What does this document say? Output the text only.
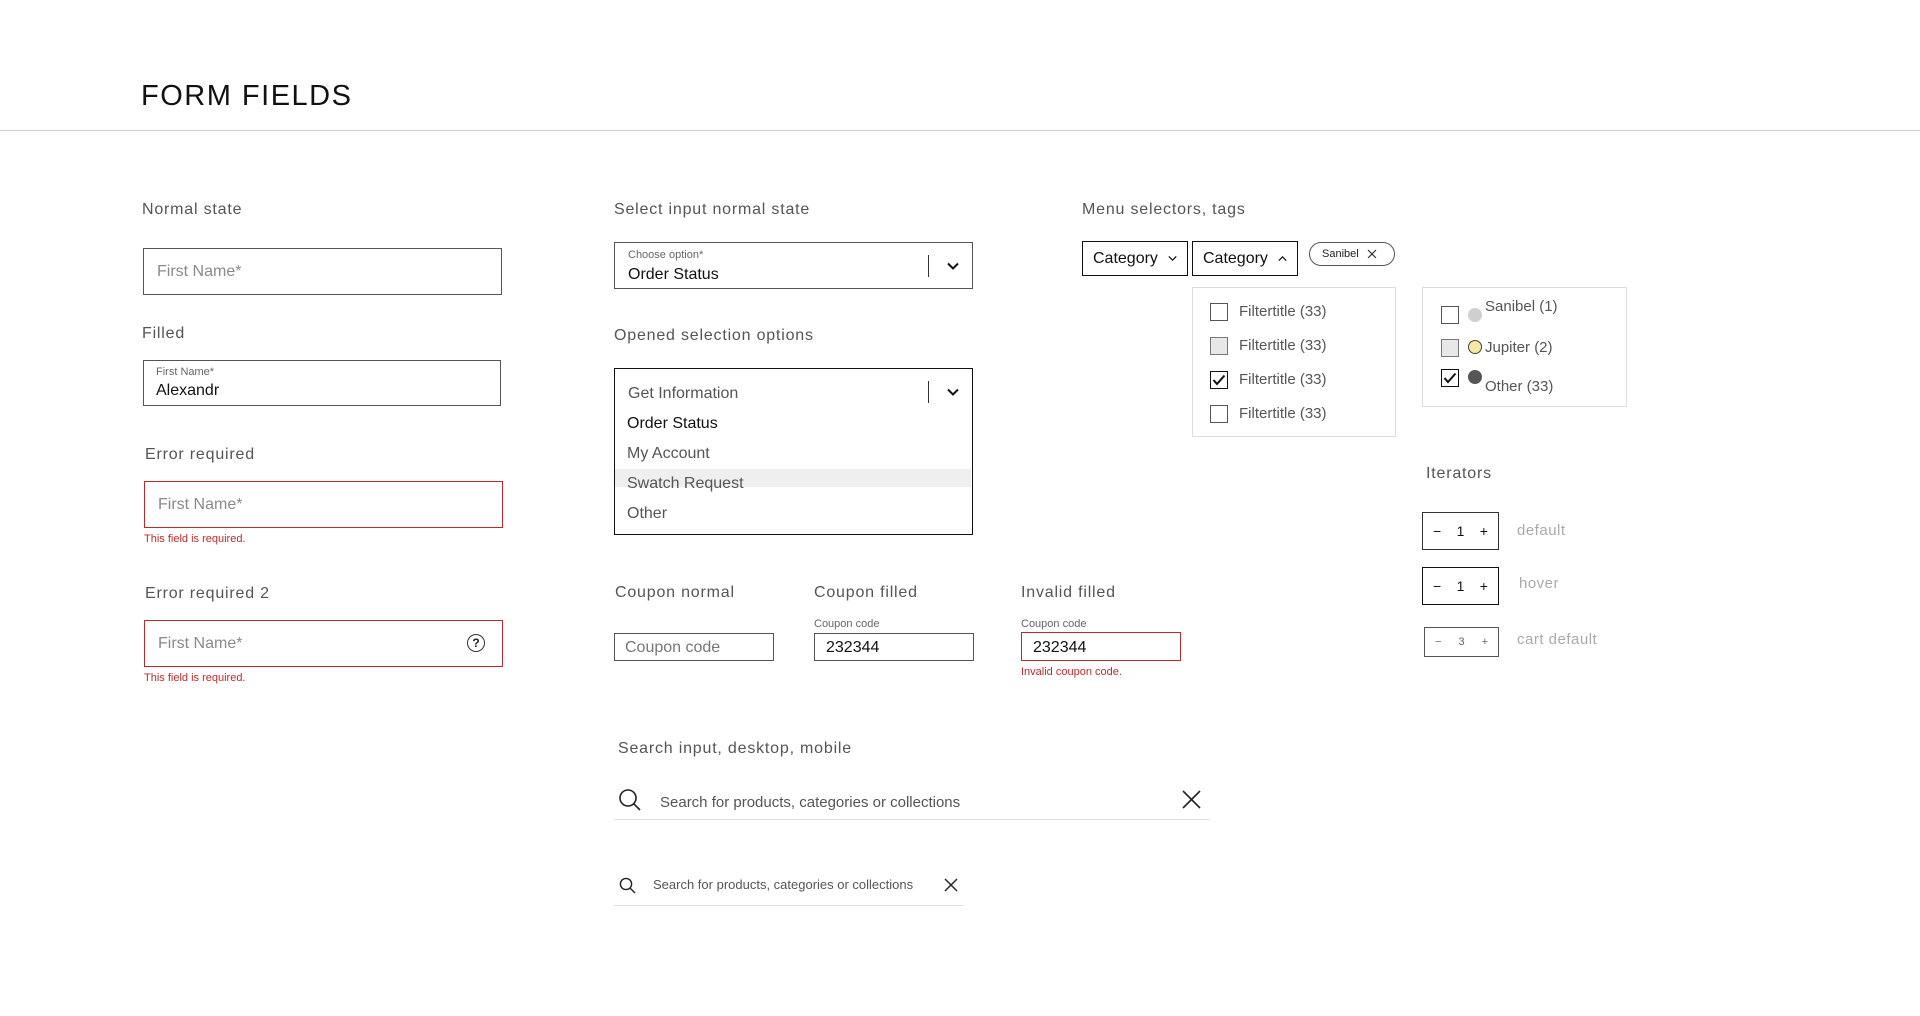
FORM FIELDS
Normal state
First Name*
Filled
First Name*
Alexandr
Error required
First Name*
This field is required.
Error required 2
First Name*	?
This field is required.
Select input normal state
Choose option*
Order Status
Opened selection options
Get Information
Order Status
My Account
Swatch Request
Other
Coupon normal
Coupon code
Coupon filled
Coupon code
232344
Invalid filled
Coupon code
232344
Invalid coupon code.
Search input, desktop, mobile
Search for products, categories or collections
Search for products, categories or collections
Menu selectors, tags
Category	Category	Sanibel
Filtertitle (33)
Filtertitle (33)
Filtertitle (33)
Filtertitle (33)
Sanibel (1)
Jupiter (2)
Other (33)
Iterators
− 1 + default
− 1 + hover
− 3 + cart default
